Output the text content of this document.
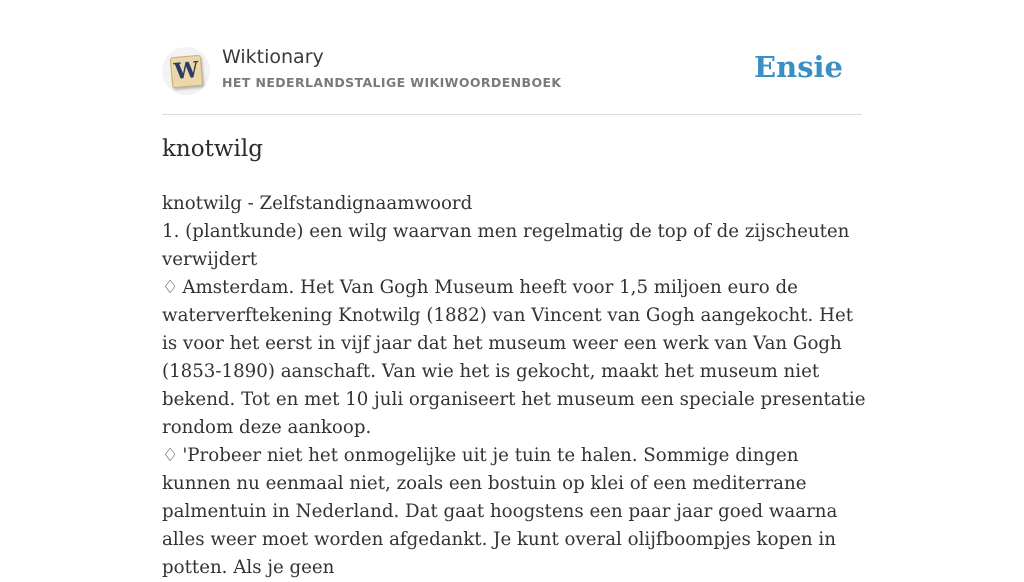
W Wiktionary
HET NEDERLANDSTALIGE WIKIWOORDENBOEK	Ensie
knotwilg

knotwilg - Zelfstandignaamwoord

1. (plantkunde) een wilg waarvan men regelmatig de top of de zijscheuten verwijdert

♢ Amsterdam. Het Van Gogh Museum heeft voor 1,5 miljoen euro de waterverftekening Knotwilg (1882) van Vincent van Gogh aangekocht. Het is voor het eerst in vijf jaar dat het museum weer een werk van Van Gogh (1853-1890) aanschaft. Van wie het is gekocht, maakt het museum niet bekend. Tot en met 10 juli organiseert het museum een speciale presentatie rondom deze aankoop.

♢ 'Probeer niet het onmogelijke uit je tuin te halen. Sommige dingen kunnen nu eenmaal niet, zoals een bostuin op klei of een mediterrane palmentuin in Nederland. Dat gaat hoogstens een paar jaar goed waarna alles weer moet worden afgedankt. Je kunt overal olijfboompjes kopen in potten. Als je geen
